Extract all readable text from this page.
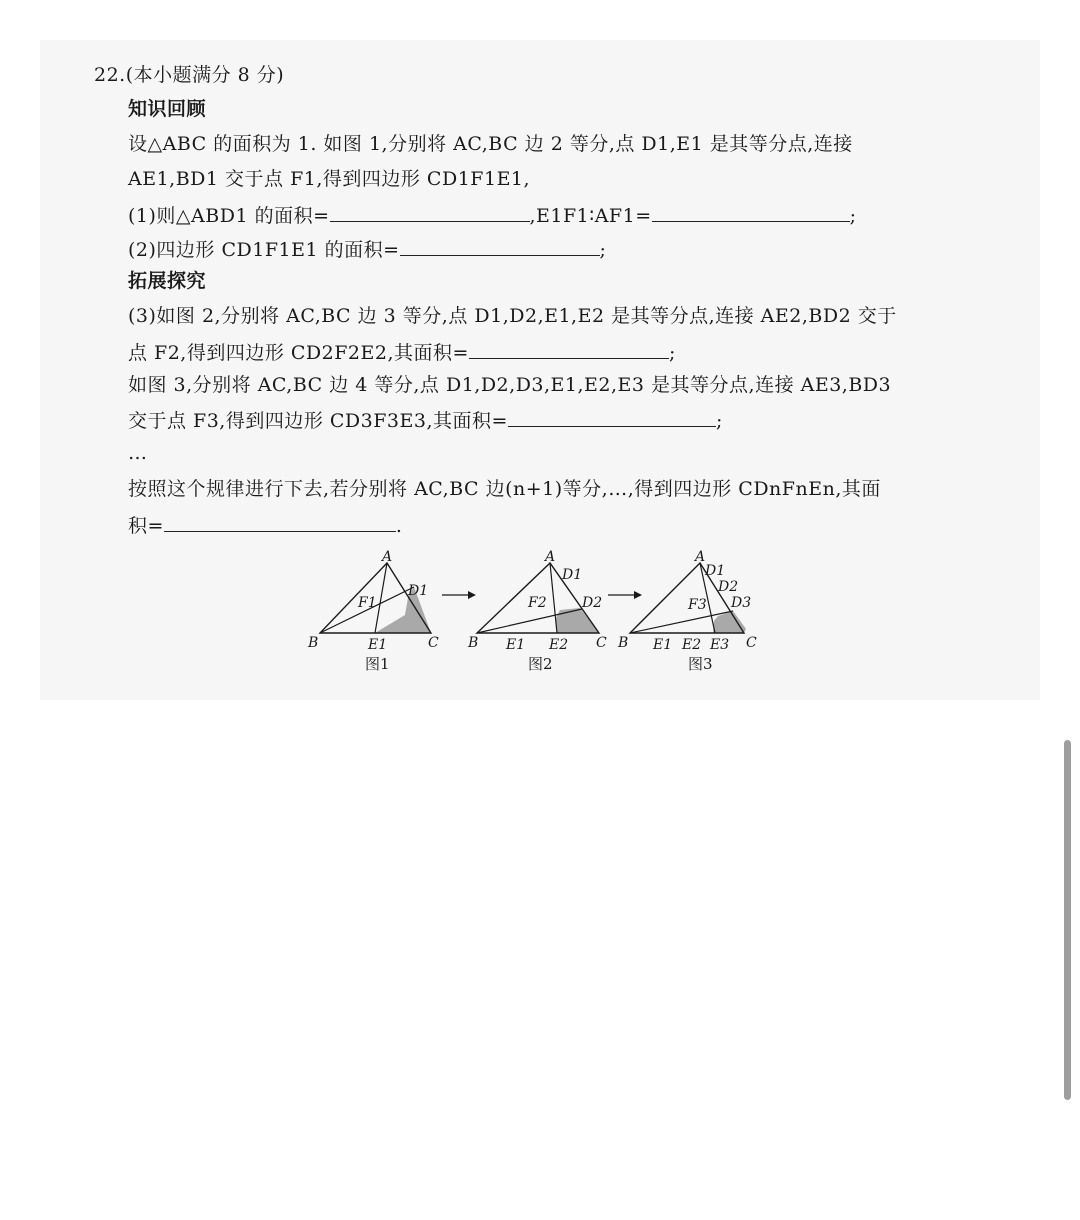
22.(本小题满分 8 分)
知识回顾
设△ABC 的面积为 1. 如图 1,分别将 AC,BC 边 2 等分,点 D1,E1 是其等分点,连接
AE1,BD1 交于点 F1,得到四边形 CD1F1E1,
(1)则△ABD1 的面积=	,E1F1∶AF1=	;
(2)四边形 CD1F1E1 的面积=	;
拓展探究
(3)如图 2,分别将 AC,BC 边 3 等分,点 D1,D2,E1,E2 是其等分点,连接 AE2,BD2 交于
点 F2,得到四边形 CD2F2E2,其面积=	;
如图 3,分别将 AC,BC 边 4 等分,点 D1,D2,D3,E1,E2,E3 是其等分点,连接 AE3,BD3
交于点 F3,得到四边形 CD3F3E3,其面积=	;
…
按照这个规律进行下去,若分别将 AC,BC 边(n+1)等分,…,得到四边形 CDnFnEn,其面
积=	.
A
B	C
D1
E1
F1
图1
A
B	C
D1
D2
E1 E2
F2
图2
A
B	C
D1
D2
D3
E1 E2 E3
F3
图3
